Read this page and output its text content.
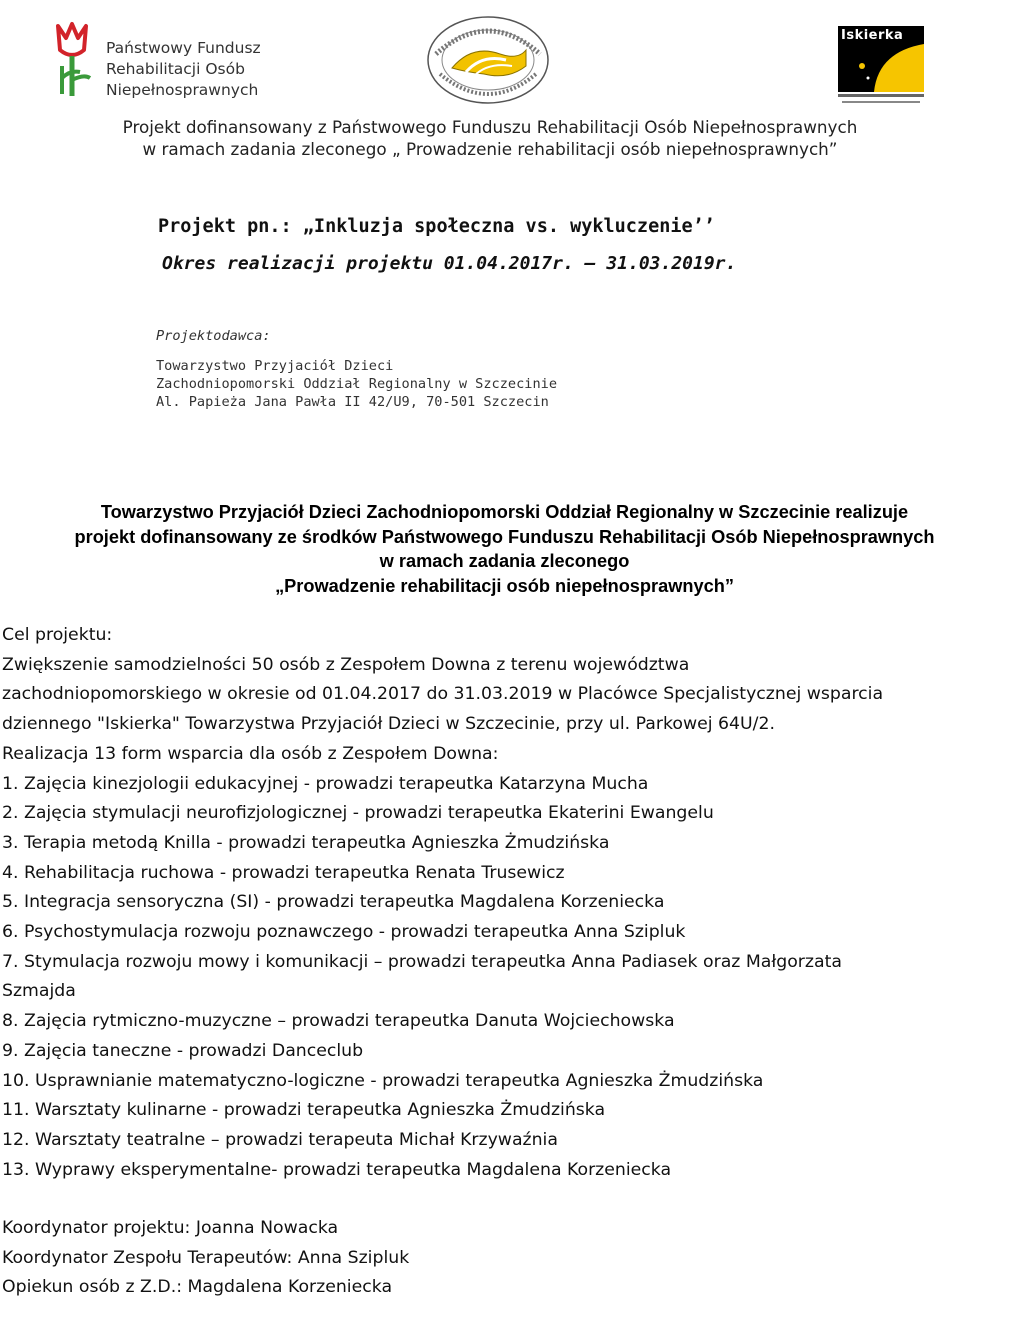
Państwowy Fundusz
Rehabilitacji Osób
Niepełnosprawnych
Iskierka
Projekt dofinansowany z Państwowego Funduszu Rehabilitacji Osób Niepełnosprawnych
w ramach zadania zleconego „ Prowadzenie rehabilitacji osób niepełnosprawnych”
Projekt pn.: „Inkluzja społeczna vs. wykluczenie’’
Okres realizacji projektu 01.04.2017r. – 31.03.2019r.
Projektodawca:
Towarzystwo Przyjaciół Dzieci
Zachodniopomorski Oddział Regionalny w Szczecinie
Al. Papieża Jana Pawła II 42/U9, 70-501 Szczecin
Towarzystwo Przyjaciół Dzieci Zachodniopomorski Oddział Regionalny w Szczecinie realizuje
projekt dofinansowany ze środków Państwowego Funduszu Rehabilitacji Osób Niepełnosprawnych
w ramach zadania zleconego
„Prowadzenie rehabilitacji osób niepełnosprawnych”
Cel projektu:
Zwiększenie samodzielności 50 osób z Zespołem Downa z terenu województwa
zachodniopomorskiego w okresie od 01.04.2017 do 31.03.2019 w Placówce Specjalistycznej wsparcia
dziennego "Iskierka" Towarzystwa Przyjaciół Dzieci w Szczecinie, przy ul. Parkowej 64U/2.
Realizacja 13 form wsparcia dla osób z Zespołem Downa:
1. Zajęcia kinezjologii edukacyjnej - prowadzi terapeutka Katarzyna Mucha
2. Zajęcia stymulacji neurofizjologicznej - prowadzi terapeutka Ekaterini Ewangelu
3. Terapia metodą Knilla - prowadzi terapeutka Agnieszka Żmudzińska
4. Rehabilitacja ruchowa - prowadzi terapeutka Renata Trusewicz
5. Integracja sensoryczna (SI) - prowadzi terapeutka Magdalena Korzeniecka
6. Psychostymulacja rozwoju poznawczego - prowadzi terapeutka Anna Szipluk
7. Stymulacja rozwoju mowy i komunikacji – prowadzi terapeutka Anna Padiasek oraz Małgorzata
Szmajda
8. Zajęcia rytmiczno-muzyczne – prowadzi terapeutka Danuta Wojciechowska
9. Zajęcia taneczne - prowadzi Danceclub
10. Usprawnianie matematyczno-logiczne - prowadzi terapeutka Agnieszka Żmudzińska
11. Warsztaty kulinarne - prowadzi terapeutka Agnieszka Żmudzińska
12. Warsztaty teatralne – prowadzi terapeuta Michał Krzywaźnia
13. Wyprawy eksperymentalne- prowadzi terapeutka Magdalena Korzeniecka
Koordynator projektu: Joanna Nowacka
Koordynator Zespołu Terapeutów: Anna Szipluk
Opiekun osób z Z.D.: Magdalena Korzeniecka
